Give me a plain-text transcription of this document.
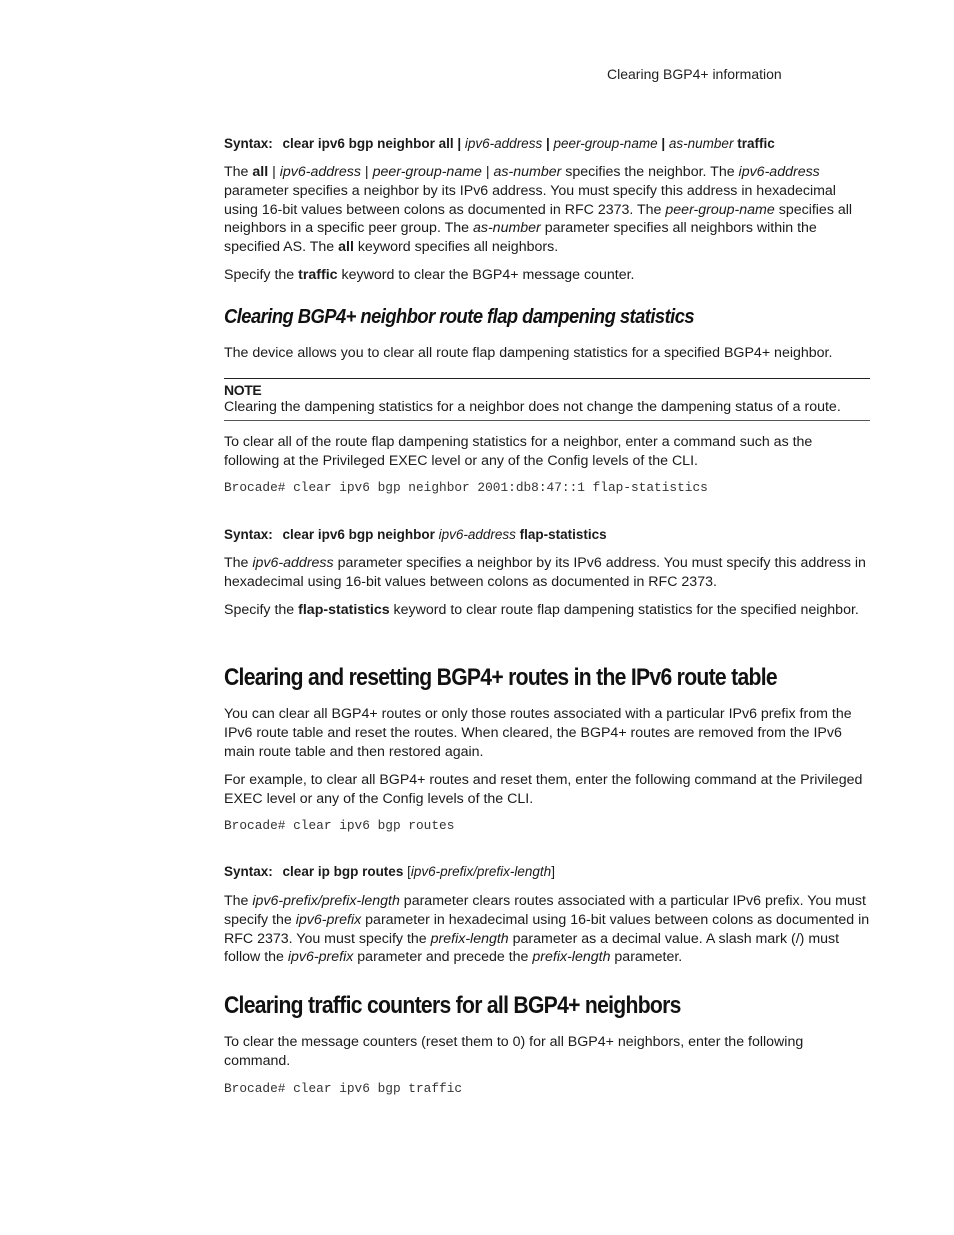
Clearing BGP4+ information
Syntax: clear ipv6 bgp neighbor all | ipv6-address | peer-group-name | as-number traffic

The all | ipv6-address | peer-group-name | as-number specifies the neighbor. The ipv6-address parameter specifies a neighbor by its IPv6 address. You must specify this address in hexadecimal using 16-bit values between colons as documented in RFC 2373. The peer-group-name specifies all neighbors in a specific peer group. The as-number parameter specifies all neighbors within the specified AS. The all keyword specifies all neighbors.

Specify the traffic keyword to clear the BGP4+ message counter.

Clearing BGP4+ neighbor route flap dampening statistics

The device allows you to clear all route flap dampening statistics for a specified BGP4+ neighbor.

NOTE
Clearing the dampening statistics for a neighbor does not change the dampening status of a route.

To clear all of the route flap dampening statistics for a neighbor, enter a command such as the following at the Privileged EXEC level or any of the Config levels of the CLI.

Brocade# clear ipv6 bgp neighbor 2001:db8:47::1 flap-statistics
Syntax: clear ipv6 bgp neighbor ipv6-address flap-statistics

The ipv6-address parameter specifies a neighbor by its IPv6 address. You must specify this address in hexadecimal using 16-bit values between colons as documented in RFC 2373.

Specify the flap-statistics keyword to clear route flap dampening statistics for the specified neighbor.

Clearing and resetting BGP4+ routes in the IPv6 route table

You can clear all BGP4+ routes or only those routes associated with a particular IPv6 prefix from the IPv6 route table and reset the routes. When cleared, the BGP4+ routes are removed from the IPv6 main route table and then restored again.

For example, to clear all BGP4+ routes and reset them, enter the following command at the Privileged EXEC level or any of the Config levels of the CLI.

Brocade# clear ipv6 bgp routes
Syntax: clear ip bgp routes [ipv6-prefix/prefix-length]

The ipv6-prefix/prefix-length parameter clears routes associated with a particular IPv6 prefix. You must specify the ipv6-prefix parameter in hexadecimal using 16-bit values between colons as documented in RFC 2373. You must specify the prefix-length parameter as a decimal value. A slash mark (/) must follow the ipv6-prefix parameter and precede the prefix-length parameter.

Clearing traffic counters for all BGP4+ neighbors

To clear the message counters (reset them to 0) for all BGP4+ neighbors, enter the following command.

Brocade# clear ipv6 bgp traffic
